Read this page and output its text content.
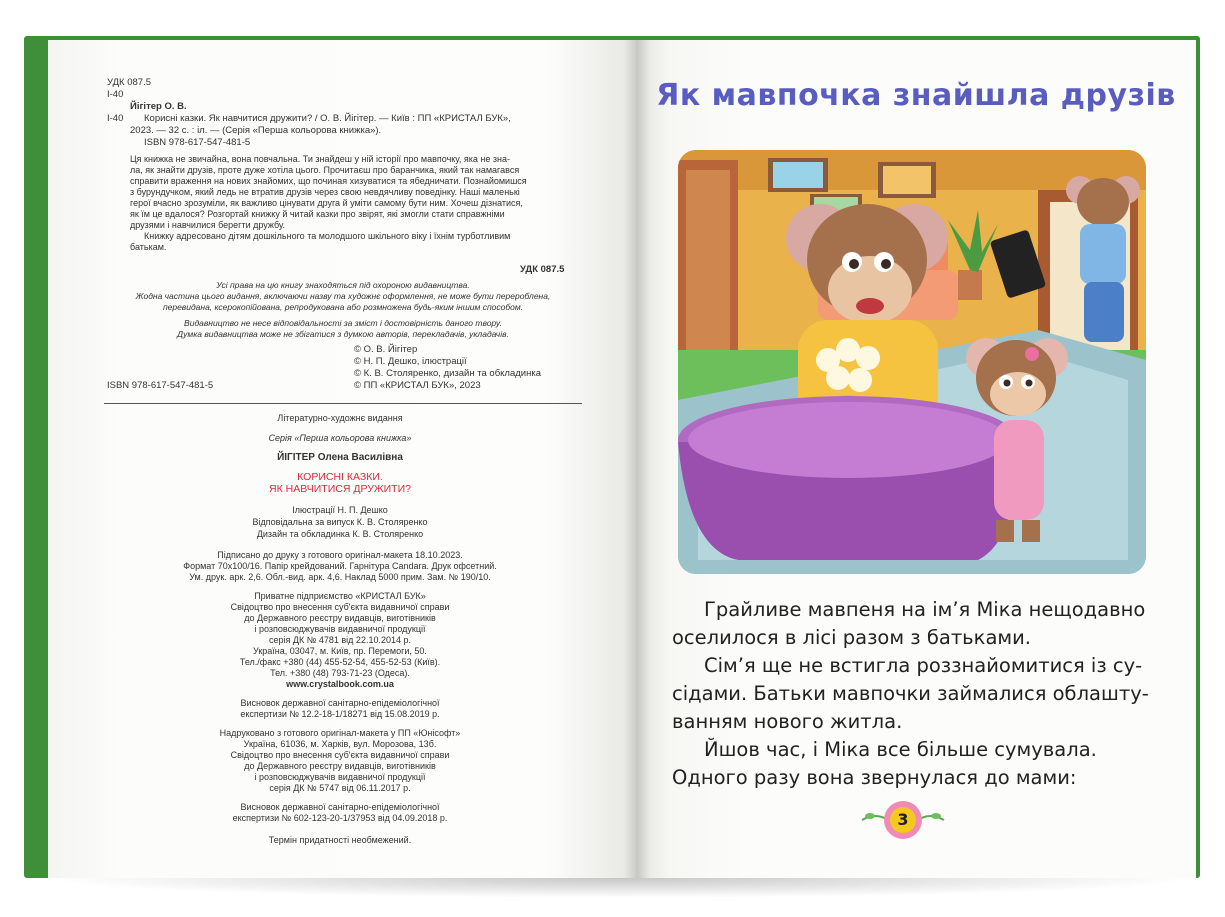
УДК 087.5
І-40
Йігітер О. В.
І-40 Корисні казки. Як навчитися дружити? / О. В. Йігітер. — Київ : ПП «КРИСТАЛ БУК»,
2023. — 32 с. : іл. — (Серія «Перша кольорова книжка»).
ISBN 978-617-547-481-5
Ця книжка не звичайна, вона повчальна. Ти знайдеш у ній історії про мавпочку, яка не зна-
ла, як знайти друзів, проте дуже хотіла цього. Прочитаєш про баранчика, який так намагався
справити враження на нових знайомих, що починая хизуватися та ябедничати. Познайомишся
з бурундучком, який ледь не втратив друзів через свою невдячливу поведінку. Наші маленькі
герої вчасно зрозуміли, як важливо цінувати друга й уміти самому бути ним. Хочеш дізнатися,
як їм це вдалося? Розгортай книжку й читай казки про звірят, які змогли стати справжніми
друзями і навчилися берегти дружбу.
Книжку адресовано дітям дошкільного та молодшого шкільного віку і їхнім турботливим
батькам.
УДК 087.5
Усі права на цю книгу знаходяться під охороною видавництва.
Жодна частина цього видання, включаючи назву та художнє оформлення, не може бути перероблена,
перевидана, ксерокопійована, репродукована або розмножена будь-яким іншим способом.
Видавництво не несе відповідальності за зміст і достовірність даного твору.
Думка видавництва може не збігатися з думкою авторів, перекладачів, укладачів.
© О. В. Йігітер
© Н. П. Дешко, ілюстрації
© К. В. Столяренко, дизайн та обкладинка
© ПП «КРИСТАЛ БУК», 2023
ISBN 978-617-547-481-5
Літературно-художнє видання
Серія «Перша кольорова книжка»
ЙІГІТЕР Олена Василівна
КОРИСНІ КАЗКИ.
ЯК НАВЧИТИСЯ ДРУЖИТИ?
Ілюстрації Н. П. Дешко
Відповідальна за випуск К. В. Столяренко
Дизайн та обкладинка К. В. Столяренко
Підписано до друку з готового оригінал-макета 18.10.2023.
Формат 70х100/16. Папір крейдований. Гарнітура Candara. Друк офсетний.
Ум. друк. арк. 2,6. Обл.-вид. арк. 4,6. Наклад 5000 прим. Зам. № 190/10.
Приватне підприємство «КРИСТАЛ БУК»
Свідоцтво про внесення суб'єкта видавничої справи
до Державного реєстру видавців, виготівників
і розповсюджувачів видавничої продукції
серія ДК № 4781 від 22.10.2014 р.
Україна, 03047, м. Київ, пр. Перемоги, 50.
Тел./факс +380 (44) 455-52-54, 455-52-53 (Київ).
Тел. +380 (48) 793-71-23 (Одеса).
www.crystalbook.com.ua
Висновок державної санітарно-епідеміологічної
експертизи № 12.2-18-1/18271 від 15.08.2019 р.
Надруковано з готового оригінал-макета у ПП «Юнісофт»
Україна, 61036, м. Харків, вул. Морозова, 13б.
Свідоцтво про внесення суб'єкта видавничої справи
до Державного реєстру видавців, виготівників
і розповсюджувачів видавничої продукції
серія ДК № 5747 від 06.11.2017 р.
Висновок державної санітарно-епідеміологічної
експертизи № 602-123-20-1/37953 від 04.09.2018 р.
Термін придатності необмежений.
Як мавпочка знайшла друзів
Грайливе мавпеня на ім’я Міка нещодавно
оселилося в лісі разом з батьками.
Сім’я ще не встигла роззнайомитися із су-
сідами. Батьки мавпочки займалися облашту-
ванням нового житла.
Йшов час, і Міка все більше сумувала.
Одного разу вона звернулася до мами:
3
